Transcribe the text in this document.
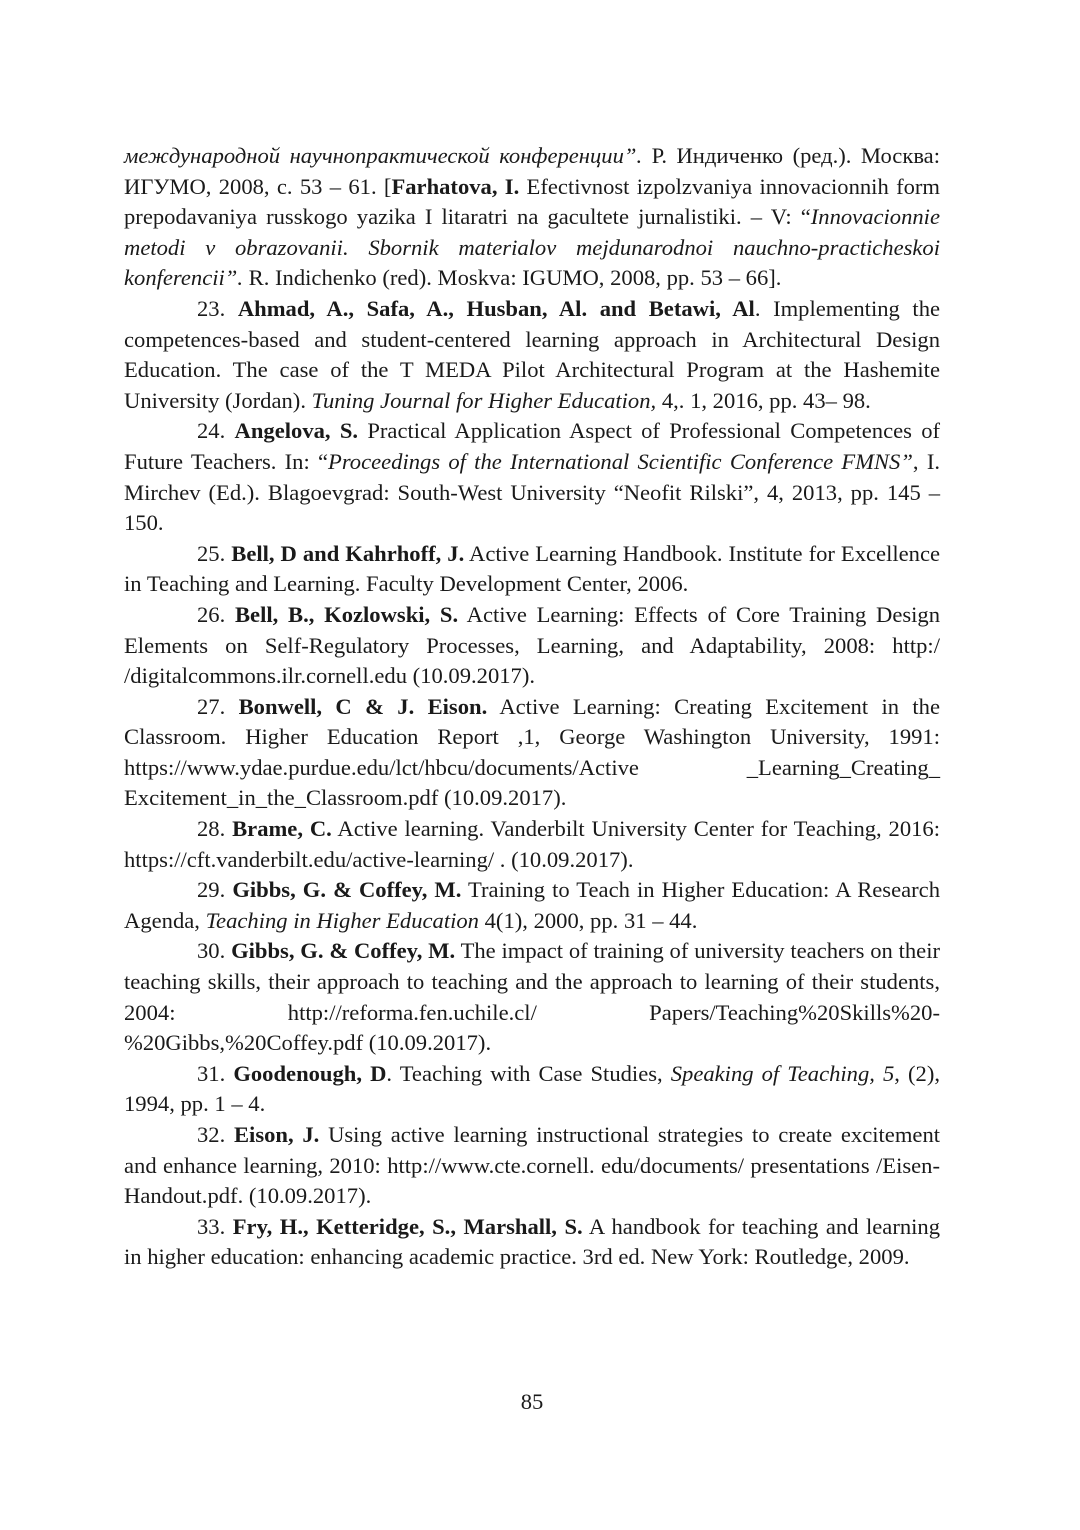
международной научнопрактической конференции”. Р. Индиченко (ред.). Москва: ИГУМО, 2008, с. 53 – 61. [Farhatova, I. Efectivnost izpolzvaniya innovacionnih form prepodavaniya russkogo yazika I litaratri na gacultete jurnalistiki. – V: “Innovacionnie metodi v obrazovanii. Sbornik materialov mejdunarodnoi nauchno-practicheskoi konferencii”. R. Indichenko (red). Moskva: IGUMO, 2008, pp. 53 – 66].

23. Ahmad, A., Safa, A., Husban, Al. and Betawi, Al. Implementing the competences-based and student-centered learning approach in Architectural Design Education. The case of the T MEDA Pilot Architectural Program at the Hashemite University (Jordan). Tuning Journal for Higher Education, 4,. 1, 2016, pp. 43– 98.

24. Angelova, S. Practical Application Aspect of Professional Competences of Future Teachers. In: “Proceedings of the International Scientific Conference FMNS”, I. Mirchev (Ed.). Blagoevgrad: South-West University “Neofit Rilski”, 4, 2013, pp. 145 – 150.

25. Bell, D and Kahrhoff, J. Active Learning Handbook. Institute for Excellence in Teaching and Learning. Faculty Development Center, 2006.

26. Bell, B., Kozlowski, S. Active Learning: Effects of Core Training Design Elements on Self-Regulatory Processes, Learning, and Adaptability, 2008: http:/ /digitalcommons.ilr.cornell.edu (10.09.2017).

27. Bonwell, C & J. Eison. Active Learning: Creating Excitement in the Classroom. Higher Education Report ,1, George Washington University, 1991: https://www.ydae.purdue.edu/lct/hbcu/documents/Active _Learning_Creating_ Excitement_in_the_Classroom.pdf (10.09.2017).

28. Brame, C. Active learning. Vanderbilt University Center for Teaching, 2016: https://cft.vanderbilt.edu/active-learning/ . (10.09.2017).

29. Gibbs, G. & Coffey, M. Training to Teach in Higher Education: A Research Agenda, Teaching in Higher Education 4(1), 2000, pp. 31 – 44.

30. Gibbs, G. & Coffey, M. The impact of training of university teachers on their teaching skills, their approach to teaching and the approach to learning of their students, 2004: http://reforma.fen.uchile.cl/ Papers/Teaching%20Skills%20-%20Gibbs,%20Coffey.pdf (10.09.2017).

31. Goodenough, D. Teaching with Case Studies, Speaking of Teaching, 5, (2), 1994, pp. 1 – 4.

32. Eison, J. Using active learning instructional strategies to create excitement and enhance learning, 2010: http://www.cte.cornell. edu/documents/ presentations /Eisen-Handout.pdf. (10.09.2017).

33. Fry, H., Ketteridge, S., Marshall, S. A handbook for teaching and learning in higher education: enhancing academic practice. 3rd ed. New York: Routledge, 2009.

85
